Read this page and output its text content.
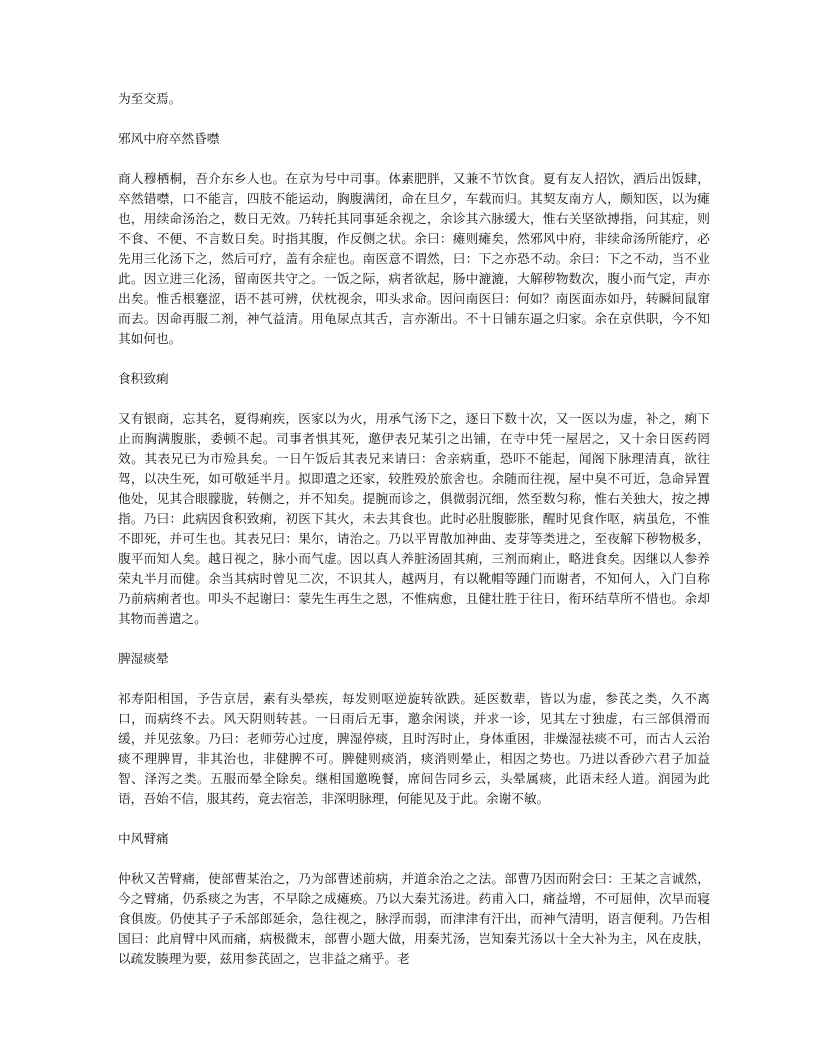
为至交焉。

邪风中府卒然昏噤

商人穆栖桐，吾介东乡人也。在京为号中司事。体素肥胖，又兼不节饮食。夏有友人招饮，酒后出饭肆，卒然错噤，口不能言，四肢不能运动，胸腹满闭，命在旦夕，车载而归。其契友南方人，颇知医，以为瘫也，用续命汤治之，数日无效。乃转托其同事延余视之，余诊其六脉缓大，惟右关坚欲搏指，问其症，则不食、不便、不言数日矣。时指其腹，作反侧之状。余曰：瘫则瘫矣，然邪风中府，非续命汤所能疗，必先用三化汤下之，然后可疗，盖有余症也。南医意不谓然，曰：下之亦恐不动。余曰：下之不动，当不业此。因立进三化汤，留南医共守之。一饭之际，病者欲起，肠中漉漉，大解秽物数次，腹小而气定，声亦出矣。惟舌根蹇涩，语不甚可辨，伏枕视余，叩头求命。因问南医曰：何如？南医面赤如丹，转瞬间鼠窜而去。因命再服二剂，神气益清。用龟尿点其舌，言亦渐出。不十日铺东逼之归家。余在京供职，今不知其如何也。

食积致痢

又有银商，忘其名，夏得痢疾，医家以为火，用承气汤下之，逐日下数十次，又一医以为虚，补之，痢下止而胸满腹胀，委顿不起。司事者惧其死，邀伊表兄某引之出铺，在寺中凭一屋居之，又十余日医药罔效。其表兄已为市殓具矣。一日午饭后其表兄来请曰：舍亲病重，恐吓不能起，闻阁下脉理清真，欲往驾，以决生死，如可敬延半月。拟即遣之还家，较胜殁於旅舍也。余随而往视，屋中臭不可近，急命异置他处，见其合眼朦胧，转侧之，并不知矣。提腕而诊之，俱微弱沉细，然至数匀称，惟右关独大，按之搏指。乃曰：此病因食积致痢，初医下其火，未去其食也。此时必肚腹膨胀，醒时见食作呕，病虽危，不惟不即死，并可生也。其表兄曰：果尔，请治之。乃以平胃散加神曲、麦芽等类进之，至夜解下秽物极多，腹平而知人矣。越日视之，脉小而气虚。因以真人养脏汤固其痢，三剂而痢止，略进食矣。因继以人参养荣丸半月而健。余当其病时曾见二次，不识其人，越两月，有以靴帽等踵门而谢者，不知何人，入门自称乃前病痢者也。叩头不起谢曰：蒙先生再生之恩，不惟病愈，且健壮胜于往日，衔环结草所不惜也。余却其物而善遣之。

脾湿痰晕

祁寿阳相国，予告京居，素有头晕疾，每发则呕逆旋转欲跌。延医数辈，皆以为虚，参芪之类，久不离口，而病终不去。风天阴则转甚。一日雨后无事，邀余闲谈，并求一诊，见其左寸独虚，右三部俱滑而缓，并见弦象。乃曰：老师劳心过度，脾湿停痰，且时泻时止，身体重困，非燥湿祛痰不可，而古人云治痰不理脾胃，非其治也，非健脾不可。脾健则痰消，痰消则晕止，相因之势也。乃进以香砂六君子加益智、泽泻之类。五服而晕全除矣。继相国邀晚餐，席间告同乡云，头晕属痰，此语未经人道。润园为此语，吾始不信，服其药，竟去宿恙，非深明脉理，何能见及于此。余谢不敏。

中风臂痛

仲秋又苦臂痛，使部曹某治之，乃为部曹述前病，并道余治之之法。部曹乃因而附会曰：王某之言诚然，今之臂痛，仍系痰之为害，不早除之成瘫痪。乃以大秦艽汤进。药甫入口，痛益增，不可屈伸，次早而寝食俱废。仍使其子子禾部郎延余，急往视之，脉浮而弱，而津津有汗出，而神气清明，语言便利。乃告相国曰：此肩臂中风而痛，病极微末，部曹小题大做，用秦艽汤，岂知秦艽汤以十全大补为主，风在皮肤，以疏发腠理为要，兹用参芪固之，岂非益之痛乎。老
